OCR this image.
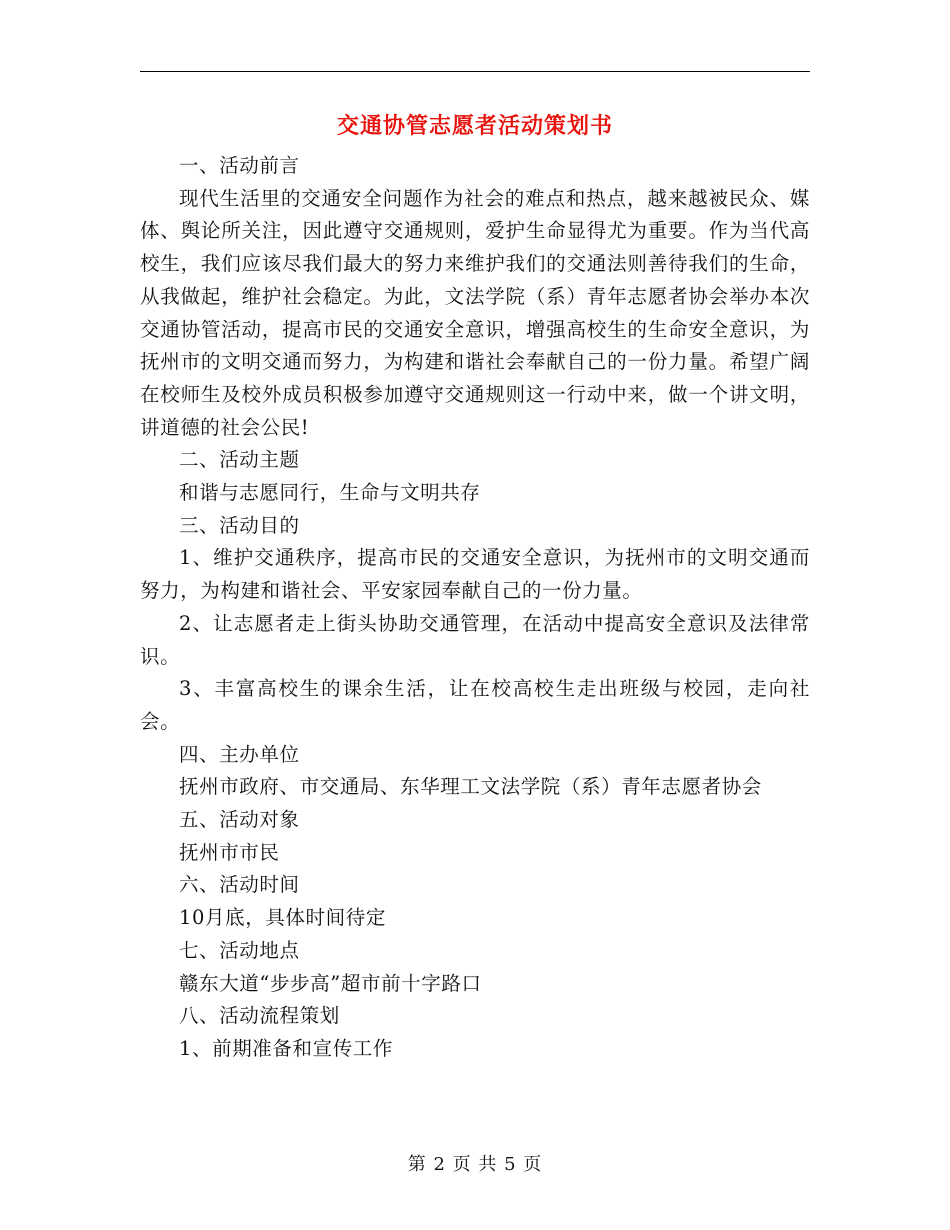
交通协管志愿者活动策划书

一、活动前言

现代生活里的交通安全问题作为社会的难点和热点，越来越被民众、媒体、舆论所关注，因此遵守交通规则，爱护生命显得尤为重要。作为当代高校生，我们应该尽我们最大的努力来维护我们的交通法则善待我们的生命，从我做起，维护社会稳定。为此，文法学院（系）青年志愿者协会举办本次交通协管活动，提高市民的交通安全意识，增强高校生的生命安全意识，为抚州市的文明交通而努力，为构建和谐社会奉献自己的一份力量。希望广阔在校师生及校外成员积极参加遵守交通规则这一行动中来，做一个讲文明，讲道德的社会公民!

二、活动主题

和谐与志愿同行，生命与文明共存

三、活动目的

1、维护交通秩序，提高市民的交通安全意识，为抚州市的文明交通而努力，为构建和谐社会、平安家园奉献自己的一份力量。

2、让志愿者走上街头协助交通管理，在活动中提高安全意识及法律常识。

3、丰富高校生的课余生活，让在校高校生走出班级与校园，走向社会。

四、主办单位

抚州市政府、市交通局、东华理工文法学院（系）青年志愿者协会

五、活动对象

抚州市市民

六、活动时间

10月底，具体时间待定

七、活动地点

赣东大道“步步高”超市前十字路口

八、活动流程策划

1、前期准备和宣传工作

第 2 页 共 5 页
